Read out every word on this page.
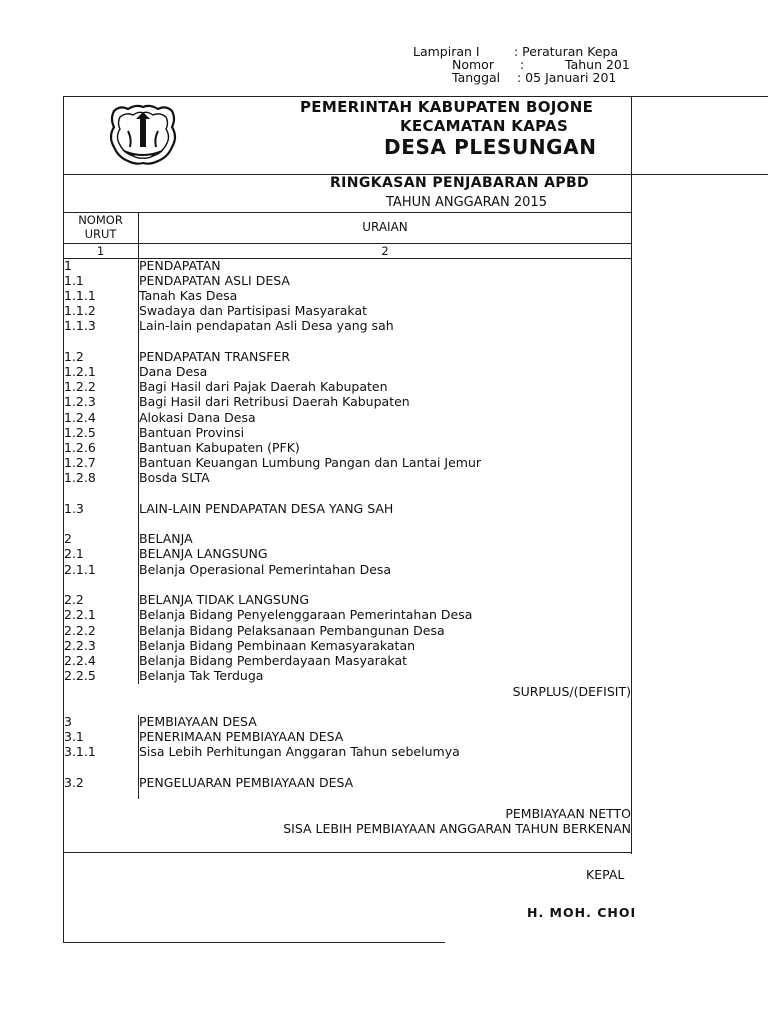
Lampiran I	: Peraturan Kepa
Nomor :	Tahun 201
Tanggal : 05 Januari 201
PEMERINTAH KABUPATEN BOJONE
KECAMATAN KAPAS
DESA PLESUNGAN
RINGKASAN PENJABARAN APBD
TAHUN ANGGARAN 2015
NOMOR
URUT	URAIAN
1	2
1	PENDAPATAN
1.1	PENDAPATAN ASLI DESA
1.1.1	Tanah Kas Desa
1.1.2	Swadaya dan Partisipasi Masyarakat
1.1.3	Lain-lain pendapatan Asli Desa yang sah
1.2	PENDAPATAN TRANSFER
1.2.1	Dana Desa
1.2.2	Bagi Hasil dari Pajak Daerah Kabupaten
1.2.3	Bagi Hasil dari Retribusi Daerah Kabupaten
1.2.4	Alokasi Dana Desa
1.2.5	Bantuan Provinsi
1.2.6	Bantuan Kabupaten (PFK)
1.2.7	Bantuan Keuangan Lumbung Pangan dan Lantai Jemur
1.2.8	Bosda SLTA
1.3	LAIN-LAIN PENDAPATAN DESA YANG SAH
2	BELANJA
2.1	BELANJA LANGSUNG
2.1.1	Belanja Operasional Pemerintahan Desa
2.2	BELANJA TIDAK LANGSUNG
2.2.1	Belanja Bidang Penyelenggaraan Pemerintahan Desa
2.2.2	Belanja Bidang Pelaksanaan Pembangunan Desa
2.2.3	Belanja Bidang Pembinaan Kemasyarakatan
2.2.4	Belanja Bidang Pemberdayaan Masyarakat
2.2.5	Belanja Tak Terduga
SURPLUS/(DEFISIT)
3	PEMBIAYAAN DESA
3.1	PENERIMAAN PEMBIAYAAN DESA
3.1.1	Sisa Lebih Perhitungan Anggaran Tahun sebelumya
3.2	PENGELUARAN PEMBIAYAAN DESA
PEMBIAYAAN NETTO
SISA LEBIH PEMBIAYAAN ANGGARAN TAHUN BERKENAN
KEPAL
H. MOH. CHOI
